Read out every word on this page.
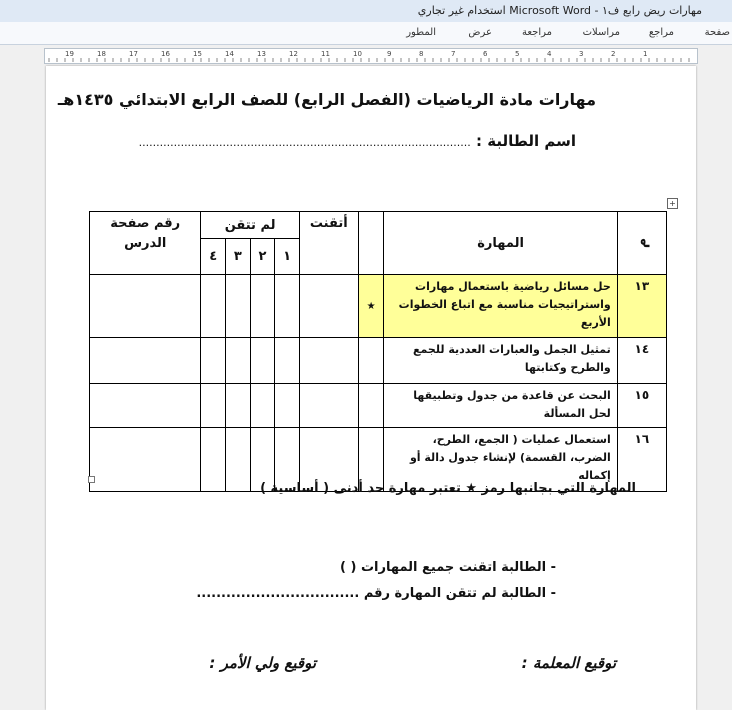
مهارات ريض رابع ف١ - Microsoft Word استخدام غير تجاري
صفحة
مراجع
مراسلات
مراجعة
عرض
المطور
19	18	17	16	15	14	13	12	11	10	9	8	7	6	5	4	3	2	1
مهارات مادة الرياضيات (الفصل الرابع) للصف الرابع الابتدائي ١٤٣٥هـ
اسم الطالبة : ...............................................................................................
+
م	المهارة		أتقنت	لم تتقن				رقم صفحة الدرس
				١	٢	٣	٤	
١٣	حل مسائل رياضية باستعمال مهارات واستراتيجيات مناسبة مع اتباع الخطوات الأربع	★						
١٤	تمثيل الجمل والعبارات العددية للجمع والطرح وكتابتها							
١٥	البحث عن قاعدة من جدول وتطبيقها لحل المسألة							
١٦	استعمال عمليات ( الجمع، الطرح، الضرب، القسمة) لإنشاء جدول دالة أو إكماله							
المهارة التي بجانبها رمز ★ تعتبر مهارة حد أدنى ( أساسية )
- الطالبة اتقنت جميع المهارات ( )
- الطالبة لم تتقن المهارة رقم .................................
توقيع المعلمة :
توقيع ولي الأمر :
